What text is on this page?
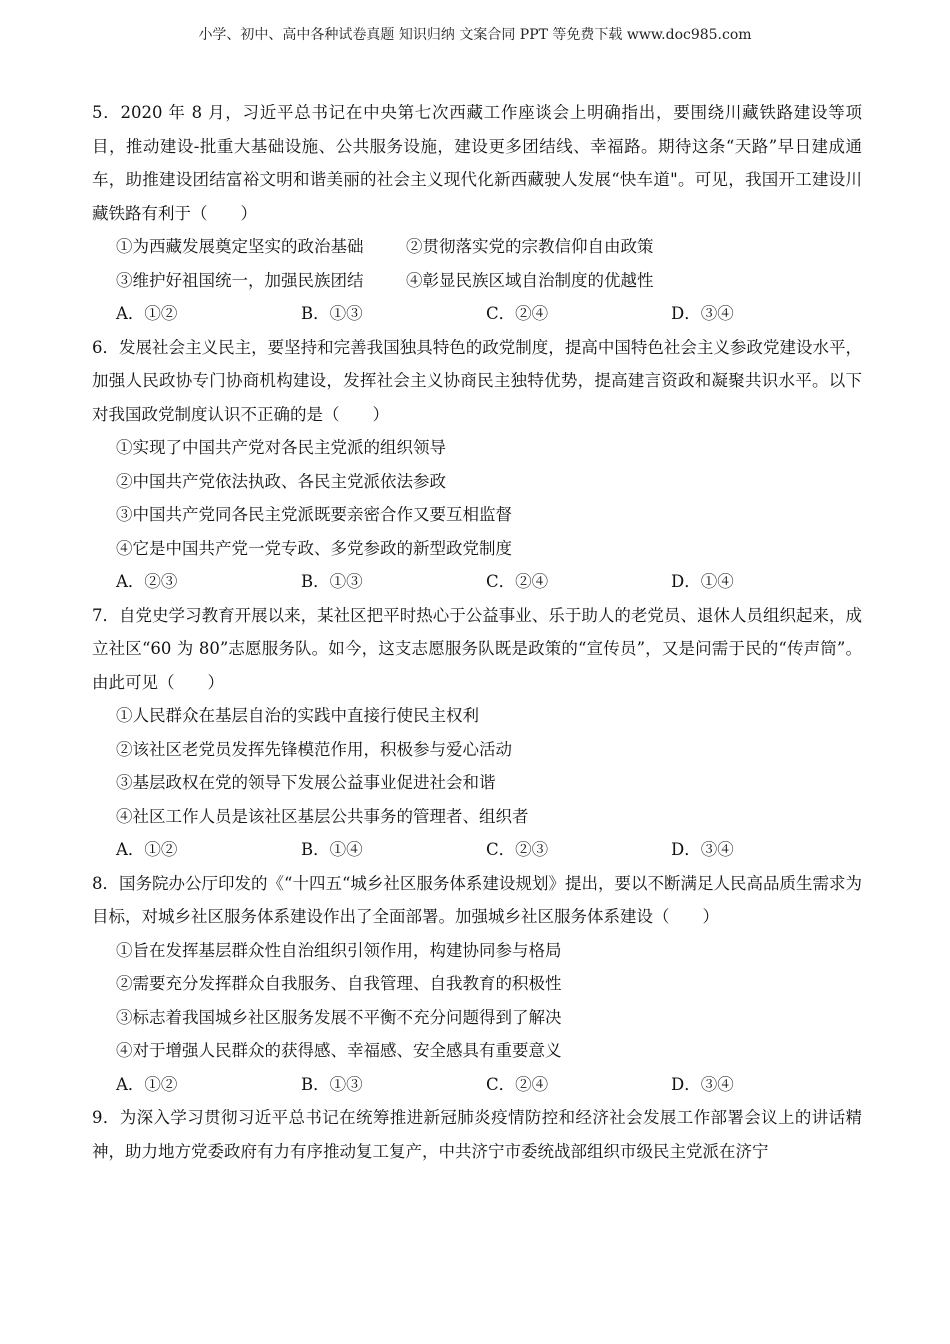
小学、初中、高中各种试卷真题 知识归纳 文案合同 PPT 等免费下载 www.doc985.com

5．2020 年 8 月，习近平总书记在中央第七次西藏工作座谈会上明确指出，要围绕川藏铁路建设等项目，推动建设-批重大基础设施、公共服务设施，建设更多团结线、幸福路。期待这条“天路”早日建成通车，助推建设团结富裕文明和谐美丽的社会主义现代化新西藏驶人发展“快车道"。可见，我国开工建设川藏铁路有利于（　　）

①为西藏发展奠定坚实的政治基础	②贯彻落实党的宗教信仰自由政策
③维护好祖国统一，加强民族团结	④彰显民族区域自治制度的优越性
A．①②	B．①③	C．②④	D．③④

6．发展社会主义民主，要坚持和完善我国独具特色的政党制度，提高中国特色社会主义参政党建设水平，加强人民政协专门协商机构建设，发挥社会主义协商民主独特优势，提高建言资政和凝聚共识水平。以下对我国政党制度认识不正确的是（　　）

①实现了中国共产党对各民主党派的组织领导

②中国共产党依法执政、各民主党派依法参政

③中国共产党同各民主党派既要亲密合作又要互相监督

④它是中国共产党一党专政、多党参政的新型政党制度

A．②③	B．①③	C．②④	D．①④

7．自党史学习教育开展以来，某社区把平时热心于公益事业、乐于助人的老党员、退休人员组织起来，成立社区“60 为 80”志愿服务队。如今，这支志愿服务队既是政策的“宣传员”，又是问需于民的“传声筒”。由此可见（　　）

①人民群众在基层自治的实践中直接行使民主权利

②该社区老党员发挥先锋模范作用，积极参与爱心活动

③基层政权在党的领导下发展公益事业促进社会和谐

④社区工作人员是该社区基层公共事务的管理者、组织者

A．①②	B．①④	C．②③	D．③④

8．国务院办公厅印发的《“十四五“城乡社区服务体系建设规划》提出，要以不断满足人民高品质生需求为目标，对城乡社区服务体系建设作出了全面部署。加强城乡社区服务体系建设（　　）

①旨在发挥基层群众性自治组织引领作用，构建协同参与格局

②需要充分发挥群众自我服务、自我管理、自我教育的积极性

③标志着我国城乡社区服务发展不平衡不充分问题得到了解决

④对于增强人民群众的获得感、幸福感、安全感具有重要意义

A．①②	B．①③	C．②④	D．③④

9．为深入学习贯彻习近平总书记在统筹推进新冠肺炎疫情防控和经济社会发展工作部署会议上的讲话精神，助力地方党委政府有力有序推动复工复产，中共济宁市委统战部组织市级民主党派在济宁
